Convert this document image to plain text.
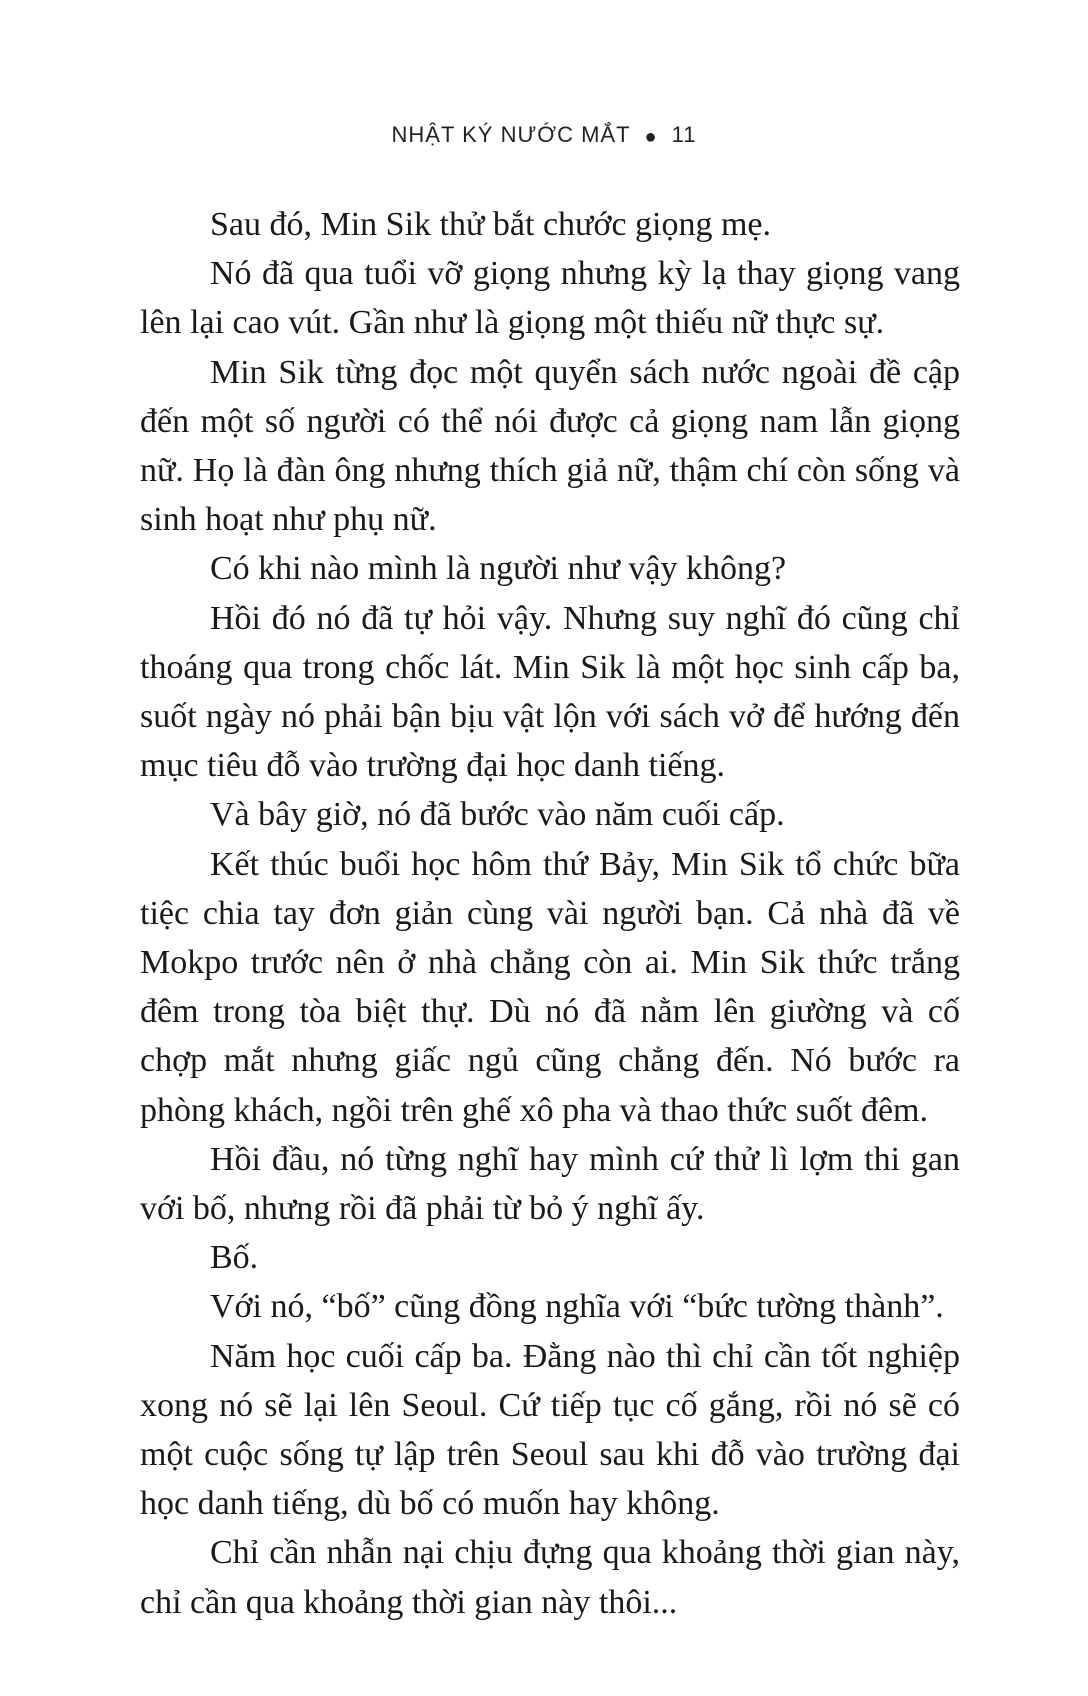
NHẬT KÝ NƯỚC MẮT ● 11

Sau đó, Min Sik thử bắt chước giọng mẹ.

Nó đã qua tuổi vỡ giọng nhưng kỳ lạ thay giọng vang lên lại cao vút. Gần như là giọng một thiếu nữ thực sự.

Min Sik từng đọc một quyển sách nước ngoài đề cập đến một số người có thể nói được cả giọng nam lẫn giọng nữ. Họ là đàn ông nhưng thích giả nữ, thậm chí còn sống và sinh hoạt như phụ nữ.

Có khi nào mình là người như vậy không?

Hồi đó nó đã tự hỏi vậy. Nhưng suy nghĩ đó cũng chỉ thoáng qua trong chốc lát. Min Sik là một học sinh cấp ba, suốt ngày nó phải bận bịu vật lộn với sách vở để hướng đến mục tiêu đỗ vào trường đại học danh tiếng.

Và bây giờ, nó đã bước vào năm cuối cấp.

Kết thúc buổi học hôm thứ Bảy, Min Sik tổ chức bữa tiệc chia tay đơn giản cùng vài người bạn. Cả nhà đã về Mokpo trước nên ở nhà chẳng còn ai. Min Sik thức trắng đêm trong tòa biệt thự. Dù nó đã nằm lên giường và cố chợp mắt nhưng giấc ngủ cũng chẳng đến. Nó bước ra phòng khách, ngồi trên ghế xô pha và thao thức suốt đêm.

Hồi đầu, nó từng nghĩ hay mình cứ thử lì lợm thi gan với bố, nhưng rồi đã phải từ bỏ ý nghĩ ấy.

Bố.

Với nó, “bố” cũng đồng nghĩa với “bức tường thành”.

Năm học cuối cấp ba. Đằng nào thì chỉ cần tốt nghiệp xong nó sẽ lại lên Seoul. Cứ tiếp tục cố gắng, rồi nó sẽ có một cuộc sống tự lập trên Seoul sau khi đỗ vào trường đại học danh tiếng, dù bố có muốn hay không.

Chỉ cần nhẫn nại chịu đựng qua khoảng thời gian này, chỉ cần qua khoảng thời gian này thôi...
